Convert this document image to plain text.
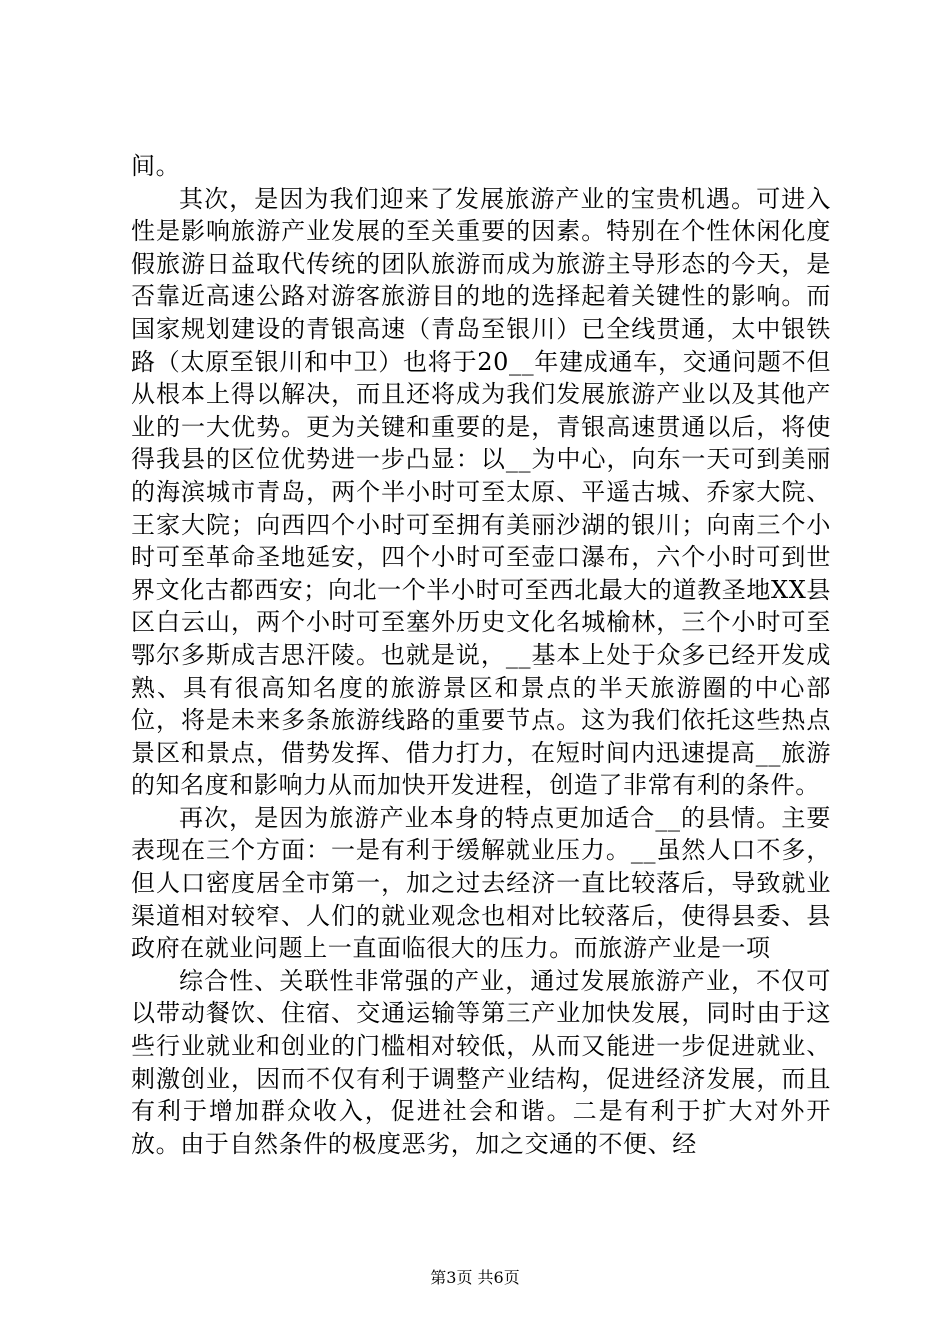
间。

其次，是因为我们迎来了发展旅游产业的宝贵机遇。可进入性是影响旅游产业发展的至关重要的因素。特别在个性休闲化度假旅游日益取代传统的团队旅游而成为旅游主导形态的今天，是否靠近高速公路对游客旅游目的地的选择起着关键性的影响。而国家规划建设的青银高速（青岛至银川）已全线贯通，太中银铁路（太原至银川和中卫）也将于20__年建成通车，交通问题不但从根本上得以解决，而且还将成为我们发展旅游产业以及其他产业的一大优势。更为关键和重要的是，青银高速贯通以后，将使得我县的区位优势进一步凸显：以__为中心，向东一天可到美丽的海滨城市青岛，两个半小时可至太原、平遥古城、乔家大院、王家大院；向西四个小时可至拥有美丽沙湖的银川；向南三个小时可至革命圣地延安，四个小时可至壶口瀑布，六个小时可到世界文化古都西安；向北一个半小时可至西北最大的道教圣地XX县区白云山，两个小时可至塞外历史文化名城榆林，三个小时可至鄂尔多斯成吉思汗陵。也就是说，__基本上处于众多已经开发成熟、具有很高知名度的旅游景区和景点的半天旅游圈的中心部位，将是未来多条旅游线路的重要节点。这为我们依托这些热点景区和景点，借势发挥、借力打力，在短时间内迅速提高__旅游的知名度和影响力从而加快开发进程，创造了非常有利的条件。

再次，是因为旅游产业本身的特点更加适合__的县情。主要表现在三个方面：一是有利于缓解就业压力。__虽然人口不多，但人口密度居全市第一，加之过去经济一直比较落后，导致就业渠道相对较窄、人们的就业观念也相对比较落后，使得县委、县政府在就业问题上一直面临很大的压力。而旅游产业是一项

综合性、关联性非常强的产业，通过发展旅游产业，不仅可以带动餐饮、住宿、交通运输等第三产业加快发展，同时由于这些行业就业和创业的门槛相对较低，从而又能进一步促进就业、刺激创业，因而不仅有利于调整产业结构，促进经济发展，而且有利于增加群众收入，促进社会和谐。二是有利于扩大对外开放。由于自然条件的极度恶劣，加之交通的不便、经

第3页 共6页
